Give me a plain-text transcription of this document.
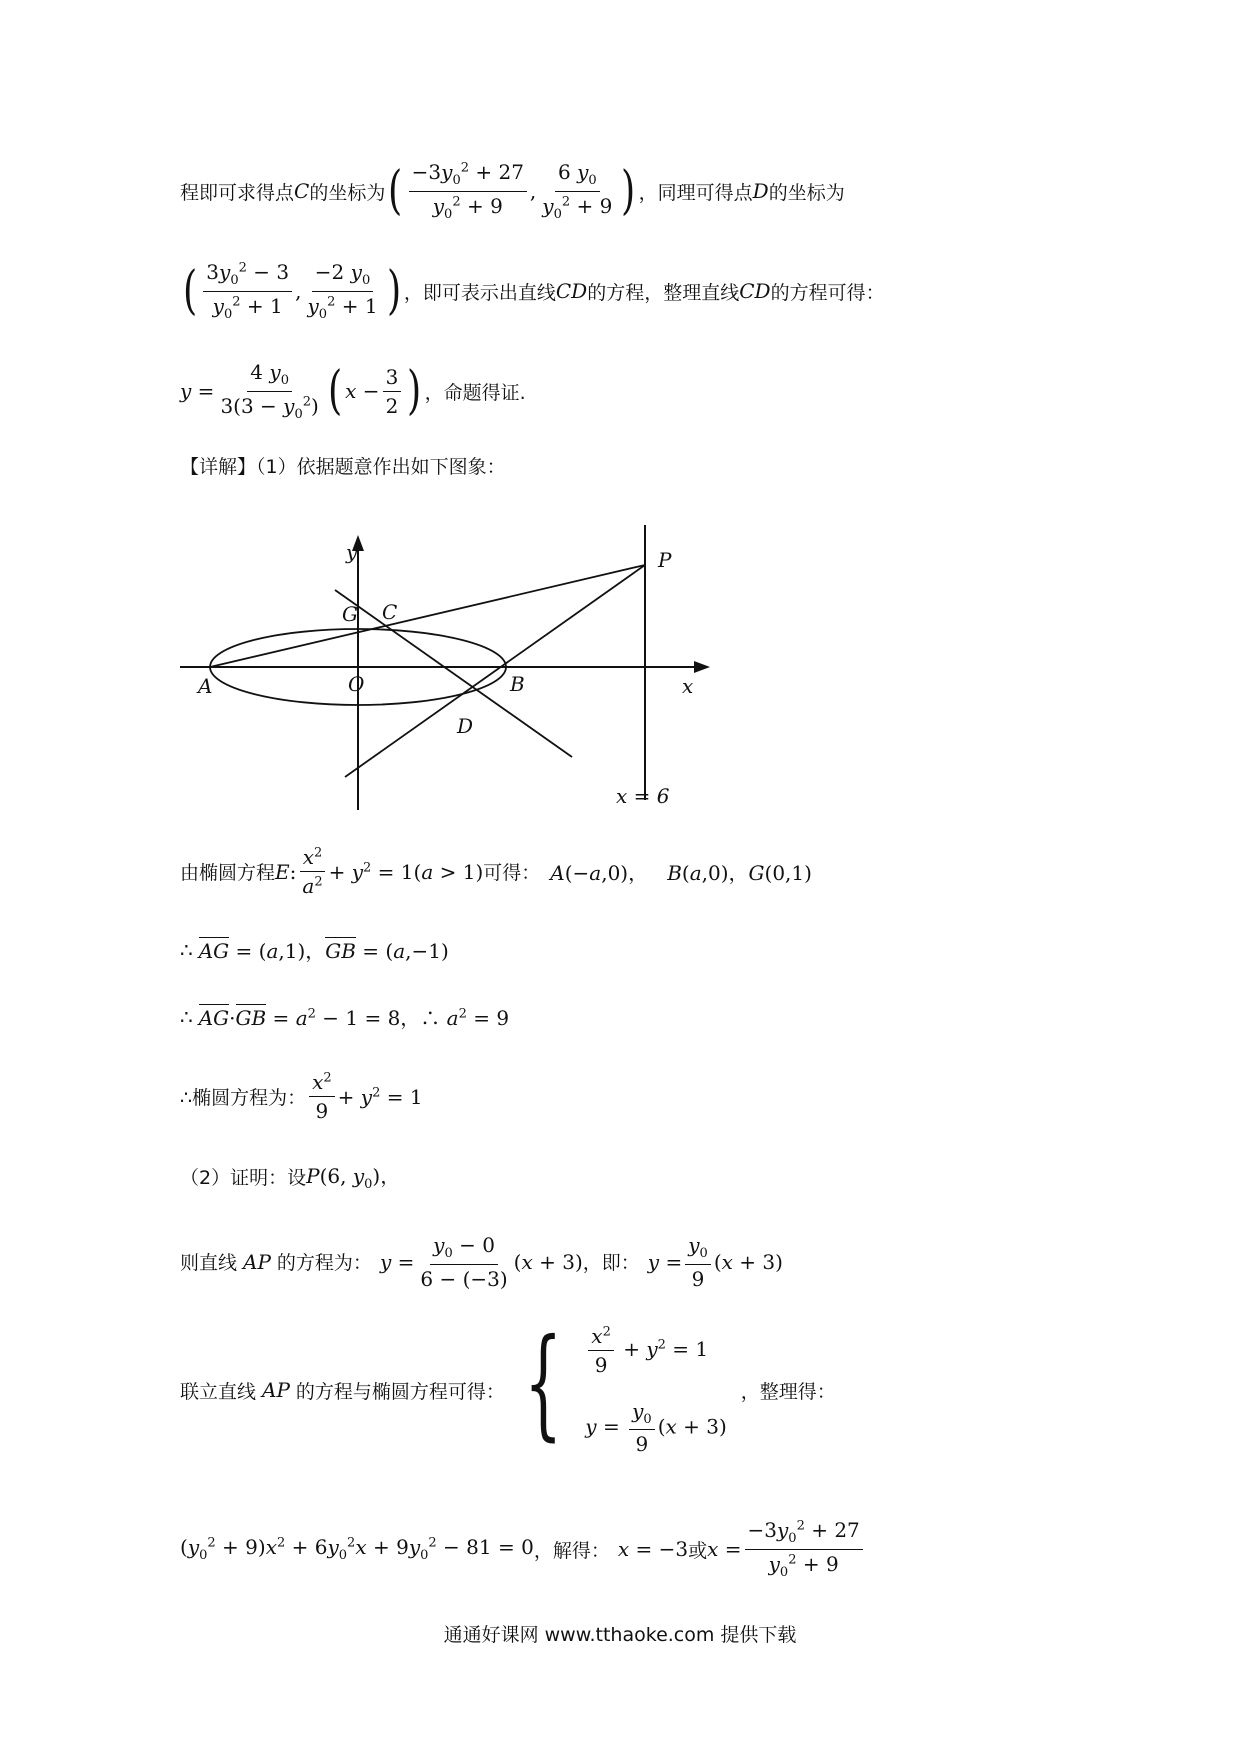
程即可求得点 C 的坐标为 ( $\frac{-3y_0^2 + 27}{y_0^2 + 9}$ , $\frac{6 y_0}{y_0^2 + 9}$ ) ，同理可得点 D 的坐标为
( $\frac{3y_0^2 - 3}{y_0^2 + 1}$ , $\frac{-2 y_0}{y_0^2 + 1}$ ) ，即可表示出直线 CD 的方程，整理直线 CD 的方程可得：
$y = \frac{4 y_0}{3(3 - y_0^2)}$ ( $x - \frac{3}{2}$ ) ，命题得证.
【详解】（1）依据题意作出如下图象：
y
x
P
G C
A	O	B
D
x = 6
由椭圆方程 E : $\frac{x^2}{a^2} + y^2 = 1(a > 1)$ 可得： A(−a,0)，   B(a,0)，G(0,1)
∴ AG = (a,1)，GB = (a,−1)
∴ $AG\cdot GB = a^2 - 1 = 8$，∴ $a^2 = 9$
∴椭圆方程为： $\frac{x^2}{9} + y^2 = 1$
（2）证明：设 P (6, $y_0$)，
则直线 AP 的方程为： $y = \frac{y_0 - 0}{6 - (-3)} (x + 3)$ ，即： $y = \frac{y_0}{9} (x + 3)$
联立直线 AP 的方程与椭圆方程可得： { $\frac{x^2}{9} + y^2 = 1$
$y = \frac{y_0}{9} (x + 3)$
，整理得：
$(y_0^2 + 9)x^2 + 6y_0^2x + 9y_0^2 - 81 = 0$ ，解得： x = −3 或 $x = \frac{-3y_0^2 + 27}{y_0^2 + 9}$
通通好课网 www.tthaoke.com 提供下载
